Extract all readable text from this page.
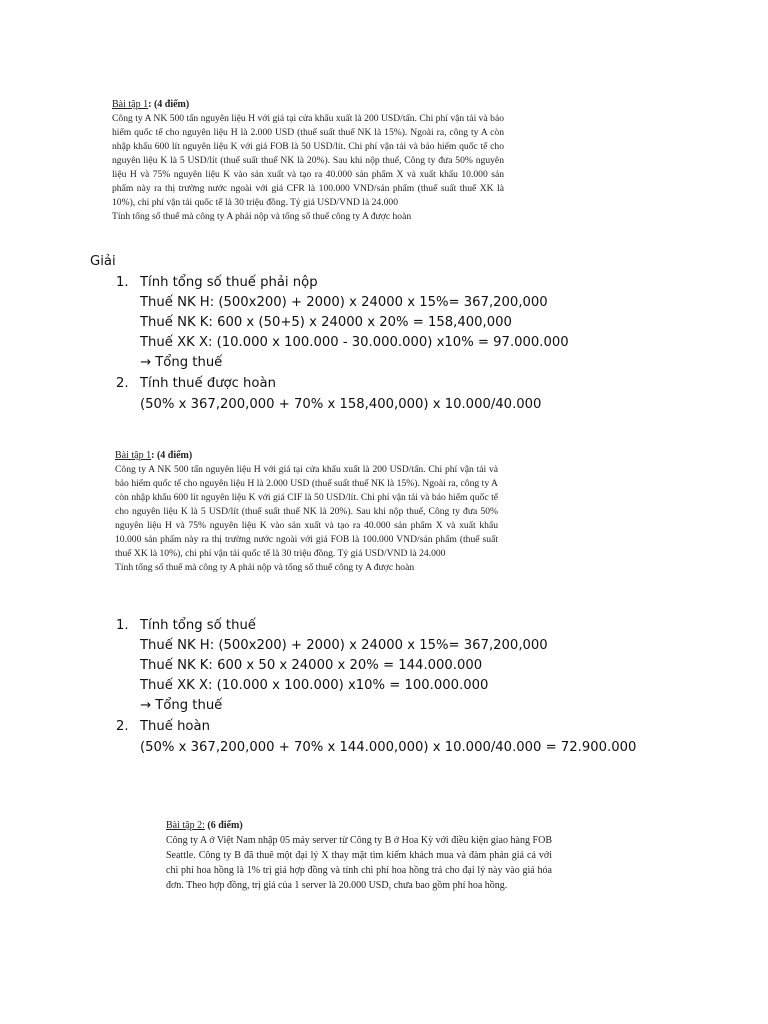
Bài tập 1: (4 điểm)

Công ty A NK 500 tấn nguyên liệu H với giá tại cửa khẩu xuất là 200 USD/tấn. Chi phí vận tải và bảo hiểm quốc tế cho nguyên liệu H là 2.000 USD (thuế suất thuế NK là 15%). Ngoài ra, công ty A còn nhập khẩu 600 lít nguyên liệu K với giá FOB là 50 USD/lít. Chi phí vận tải và bảo hiểm quốc tế cho nguyên liệu K là 5 USD/lít (thuế suất thuế NK là 20%). Sau khi nộp thuế, Công ty đưa 50% nguyên liệu H và 75% nguyên liệu K vào sản xuất và tạo ra 40.000 sản phẩm X và xuất khẩu 10.000 sản phẩm này ra thị trường nước ngoài với giá CFR là 100.000 VND/sản phẩm (thuế suất thuế XK là 10%), chi phí vận tải quốc tế là 30 triệu đồng. Tỷ giá USD/VND là 24.000

Tính tổng số thuế mà công ty A phải nộp và tổng số thuế công ty A được hoàn

Giải
1. Tính tổng số thuế phải nộp
Thuế NK H: (500x200) + 2000) x 24000 x 15%= 367,200,000
Thuế NK K: 600 x (50+5) x 24000 x 20% = 158,400,000
Thuế XK X: (10.000 x 100.000 - 30.000.000) x10% = 97.000.000
→ Tổng thuế
2. Tính thuế được hoàn
(50% x 367,200,000 + 70% x 158,400,000) x 10.000/40.000

Bài tập 1: (4 điểm)

Công ty A NK 500 tấn nguyên liệu H với giá tại cửa khẩu xuất là 200 USD/tấn. Chi phí vận tải và bảo hiểm quốc tế cho nguyên liệu H là 2.000 USD (thuế suất thuế NK là 15%). Ngoài ra, công ty A còn nhập khẩu 600 lít nguyên liệu K với giá CIF là 50 USD/lít. Chi phí vận tải và bảo hiểm quốc tế cho nguyên liệu K là 5 USD/lít (thuế suất thuế NK là 20%). Sau khi nộp thuế, Công ty đưa 50% nguyên liệu H và 75% nguyên liệu K vào sản xuất và tạo ra 40.000 sản phẩm X và xuất khẩu 10.000 sản phẩm này ra thị trường nước ngoài với giá FOB là 100.000 VND/sản phẩm (thuế suất thuế XK là 10%), chi phí vận tải quốc tế là 30 triệu đồng. Tỷ giá USD/VND là 24.000

Tính tổng số thuế mà công ty A phải nộp và tổng số thuế công ty A được hoàn

1. Tính tổng số thuế
Thuế NK H: (500x200) + 2000) x 24000 x 15%= 367,200,000
Thuế NK K: 600 x 50 x 24000 x 20% = 144.000.000
Thuế XK X: (10.000 x 100.000) x10% = 100.000.000
→ Tổng thuế
2. Thuế hoàn
(50% x 367,200,000 + 70% x 144.000,000) x 10.000/40.000 = 72.900.000

Bài tập 2: (6 điểm)

Công ty A ở Việt Nam nhập 05 máy server từ Công ty B ở Hoa Kỳ với điều kiện giao hàng FOB Seattle. Công ty B đã thuê một đại lý X thay mặt tìm kiếm khách mua và đàm phán giá cả với chi phí hoa hồng là 1% trị giá hợp đồng và tính chi phí hoa hồng trả cho đại lý này vào giá hóa đơn. Theo hợp đồng, trị giá của 1 server là 20.000 USD, chưa bao gồm phí hoa hồng.
